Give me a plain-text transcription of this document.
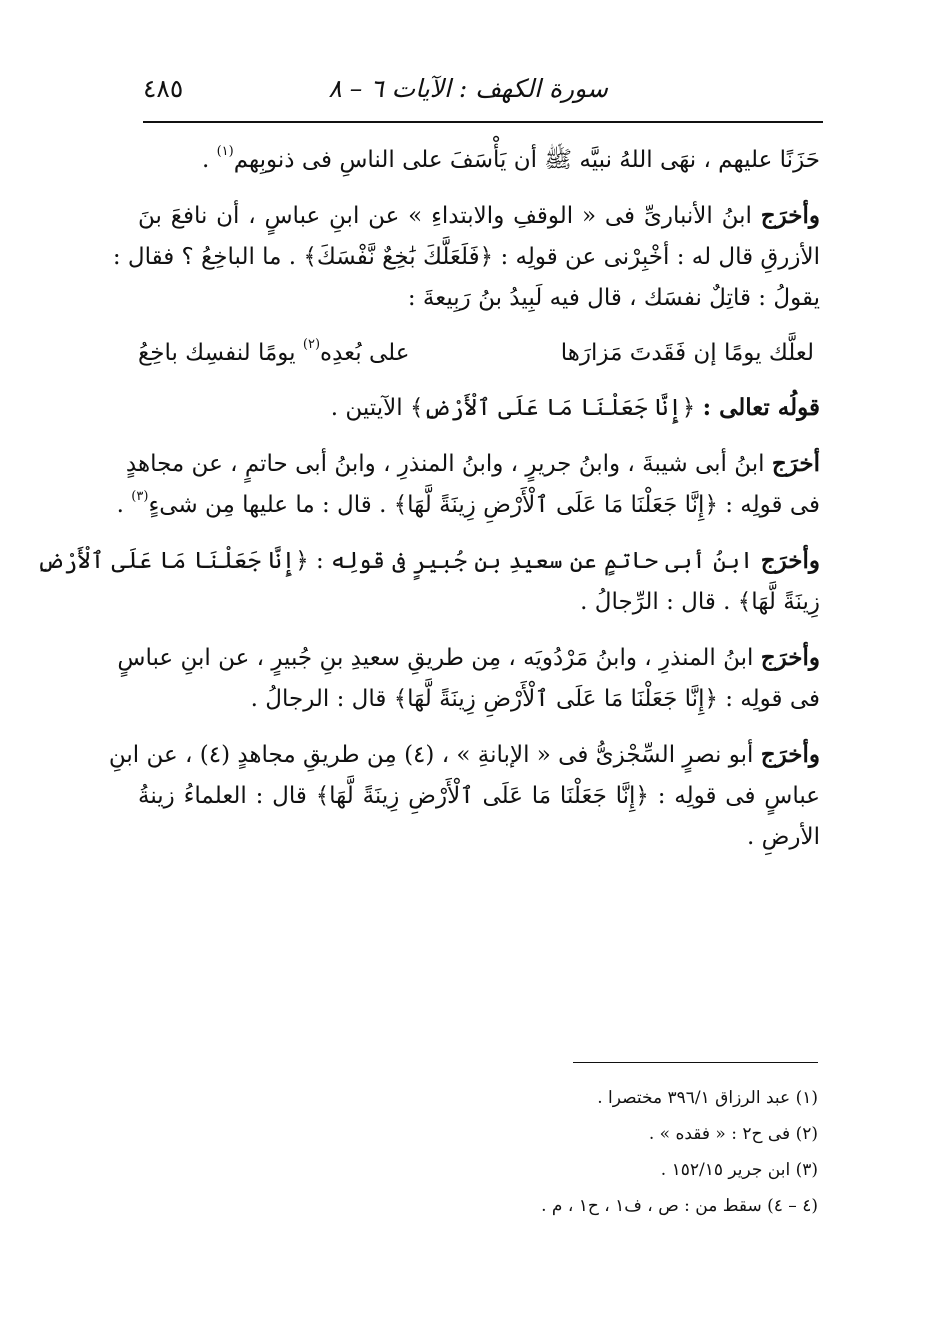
سورة الكهف : الآيات ٦ – ٨
٤٨٥

حَزَنًا عليهم ، نهَى اللهُ نبيَّه ﷺ أن يَأْسَفَ على الناسِ فى ذنوبِهم$^{(١)}$ .

وأخرَج ابنُ الأنبارىِّ فى « الوقفِ والابتداءِ » عن ابنِ عباسٍ ، أن نافعَ بنَ
الأزرقِ قال له : أخْبِرْنى عن قولِه : ﴿فَلَعَلَّكَ بَٰخِعٌ نَّفْسَكَ﴾ . ما الباخِعُ ؟ فقال :
يقولُ : قاتِلٌ نفسَك ، قال فيه لَبِيدُ بنُ رَبِيعةَ :

لعلَّك يومًا إن فَقَدتَ مَزارَها
على بُعدِه$^{(٢)}$ يومًا لنفسِك باخِعُ

قولُه تعالى : ﴿إِنَّا جَعَلْنَا مَا عَلَى ٱلْأَرْضِ﴾ الآيتين .

أخرَج ابنُ أبى شيبةَ ، وابنُ جريرٍ ، وابنُ المنذرِ ، وابنُ أبى حاتمٍ ، عن مجاهدٍ
فى قولِه : ﴿إِنَّا جَعَلْنَا مَا عَلَى ٱلْأَرْضِ زِينَةً لَّهَا﴾ . قال : ما عليها مِن شىءٍ$^{(٣)}$ .

وأخرَج ابنُ أبى حاتمٍ عن سعيدِ بنِ جُبيرٍ فى قولِه : ﴿إِنَّا جَعَلْنَا مَا عَلَى ٱلْأَرْضِ
زِينَةً لَّهَا﴾ . قال : الرِّجالُ .

وأخرَج ابنُ المنذرِ ، وابنُ مَرْدُويَه ، مِن طريقِ سعيدِ بنِ جُبيرٍ ، عن ابنِ عباسٍ
فى قولِه : ﴿إِنَّا جَعَلْنَا مَا عَلَى ٱلْأَرْضِ زِينَةً لَّهَا﴾ قال : الرجالُ .

وأخرَج أبو نصرٍ السِّجْزىُّ فى « الإبانةِ » ، (٤) مِن طريقِ مجاهدٍ (٤) ، عن ابنِ
عباسٍ فى قولِه : ﴿إِنَّا جَعَلْنَا مَا عَلَى ٱلْأَرْضِ زِينَةً لَّهَا﴾ قال : العلماءُ زينةُ
الأرضِ .

(١) عبد الرزاق ٣٩٦/١ مختصرا .
(٢) فى ح٢ : « فقده » .
(٣) ابن جرير ١٥٢/١٥ .
(٤ – ٤) سقط من : ص ، ف١ ، ح١ ، م .
